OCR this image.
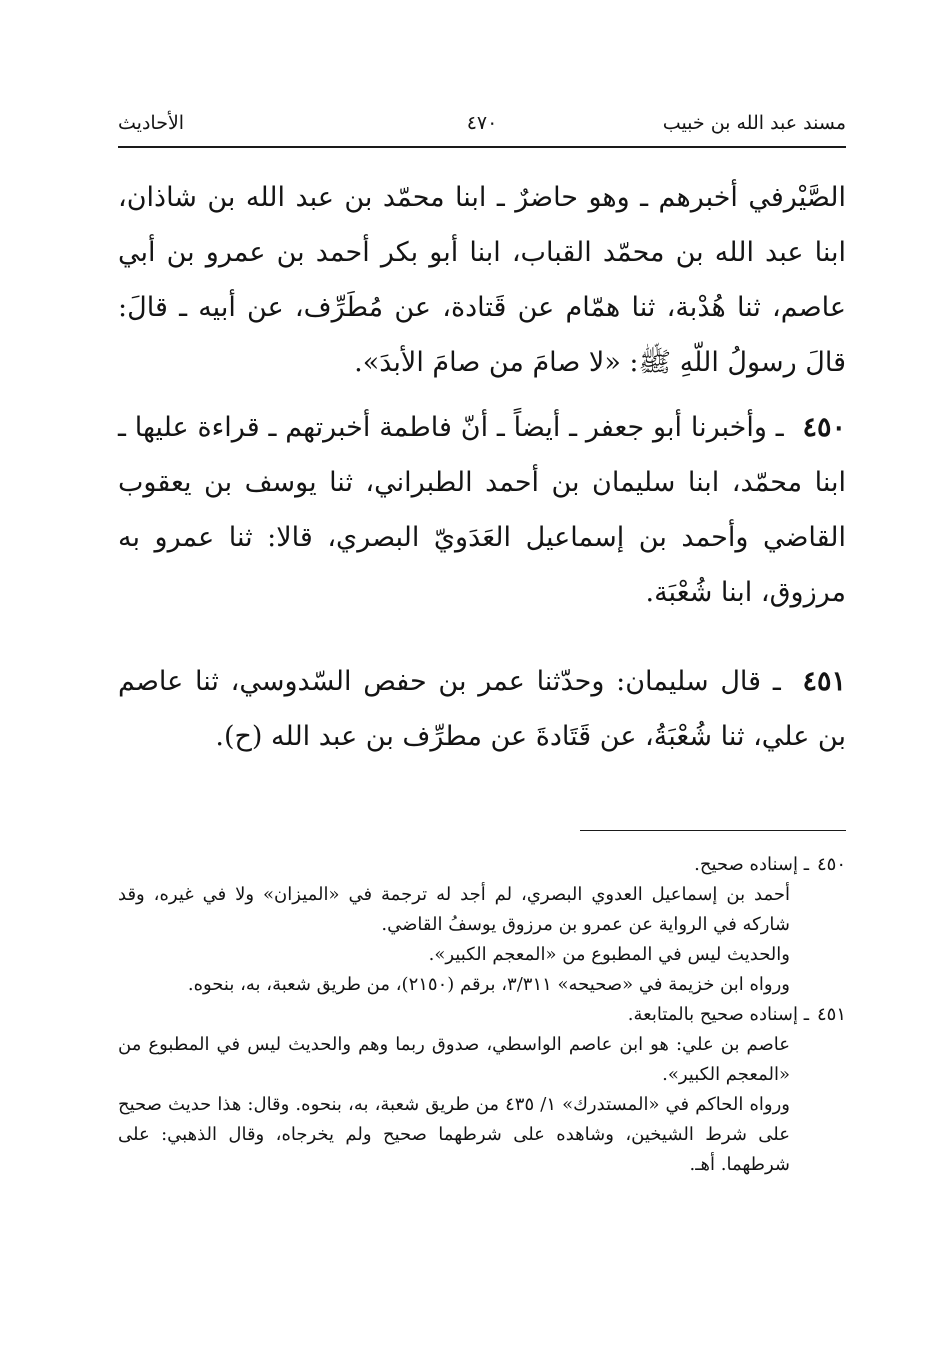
مسند عبد الله بن خبيب
٤٧٠
الأحاديث

الصَّيْرفي أخبرهم ـ وهو حاضرٌ ـ ابنا محمّد بن عبد الله بن شاذان، ابنا عبد الله بن محمّد القباب، ابنا أبو بكر أحمد بن عمرو بن أبي عاصم، ثنا هُدْبة، ثنا همّام عن قَتادة، عن مُطَرِّف، عن أبيه ـ قالَ: قالَ رسولُ اللّهِ ﷺ: «لا صامَ من صامَ الأبدَ».

٤٥٠ ـ وأخبرنا أبو جعفر ـ أيضاً ـ أنّ فاطمة أخبرتهم ـ قراءة عليها ـ ابنا محمّد، ابنا سليمان بن أحمد الطبراني، ثنا يوسف بن يعقوب القاضي وأحمد بن إسماعيل العَدَويّ البصري، قالا: ثنا عمرو به مرزوق، ابنا شُعْبَة.

٤٥١ ـ قال سليمان: وحدّثنا عمر بن حفص السّدوسي، ثنا عاصم بن علي، ثنا شُعْبَةُ، عن قَتَادةَ عن مطرِّف بن عبد الله (ح).

٤٥٠ـ إسناده صحيح.

أحمد بن إسماعيل العدوي البصري، لم أجد له ترجمة في «الميزان» ولا في غيره، وقد شاركه في الرواية عن عمرو بن مرزوق يوسفُ القاضي.

والحديث ليس في المطبوع من «المعجم الكبير».

ورواه ابن خزيمة في «صحيحه» ٣/٣١١، برقم (٢١٥٠)، من طريق شعبة، به، بنحوه.

٤٥١ـ إسناده صحيح بالمتابعة.

عاصم بن علي: هو ابن عاصم الواسطي، صدوق ربما وهم والحديث ليس في المطبوع من «المعجم الكبير».

ورواه الحاكم في «المستدرك» ١/ ٤٣٥ من طريق شعبة، به، بنحوه. وقال: هذا حديث صحيح على شرط الشيخين، وشاهده على شرطهما صحيح ولم يخرجاه، وقال الذهبي: على شرطهما. أهـ.
